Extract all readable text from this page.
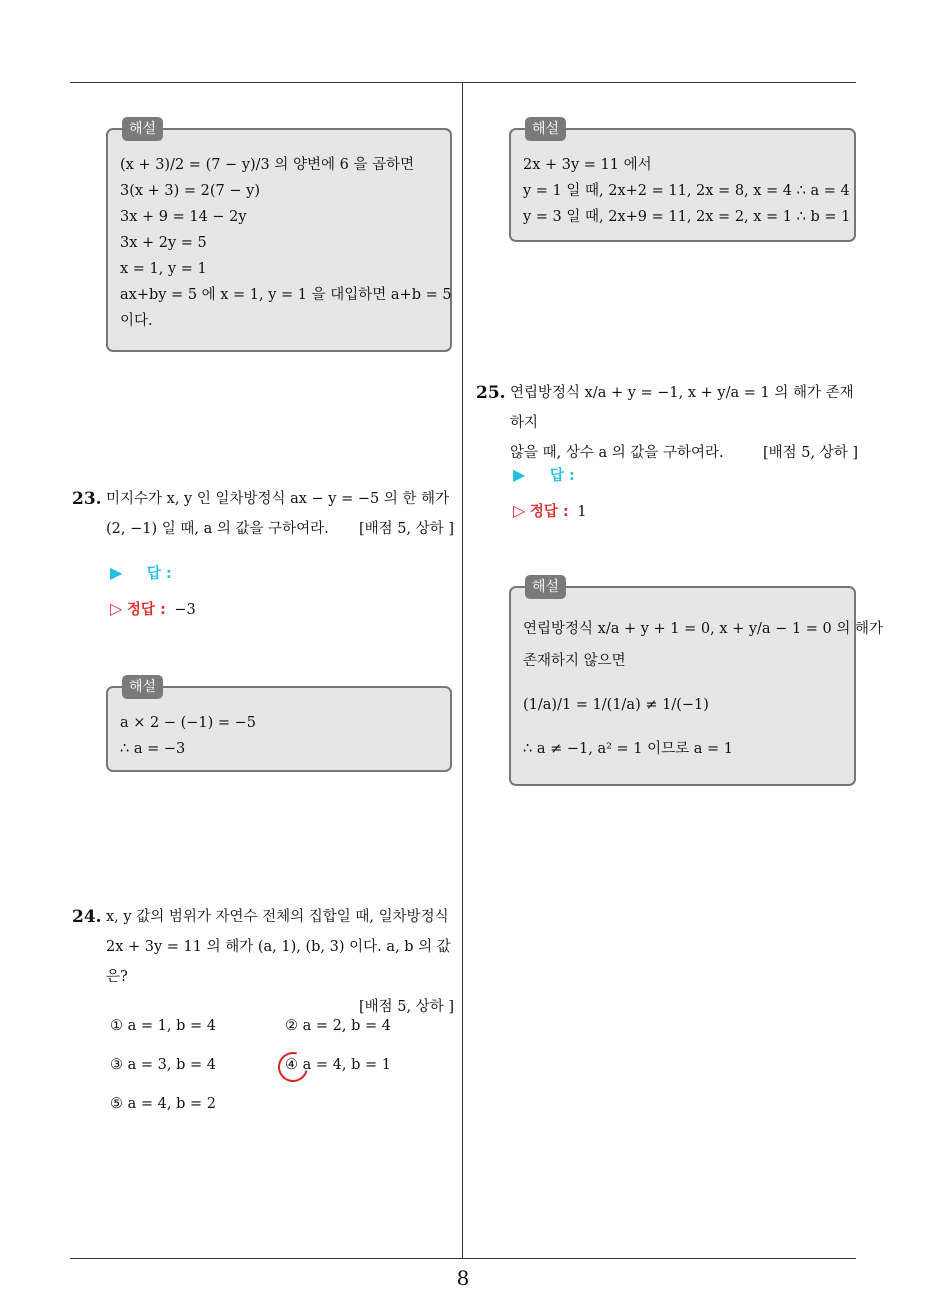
해설
(x + 3)/2 = (7 − y)/3 의 양변에 6 을 곱하면
3(x + 3) = 2(7 − y)
3x + 9 = 14 − 2y
3x + 2y = 5
x = 1, y = 1
ax+by = 5 에 x = 1, y = 1 을 대입하면 a+b = 5
이다.
23. 미지수가 x, y 인 일차방정식 ax − y = −5 의 한 해가
(2, −1) 일 때, a 의 값을 구하여라. [배점 5, 상하 ]
▶ 답 :
▷ 정답 : −3
해설
a × 2 − (−1) = −5
∴ a = −3
24. x, y 값의 범위가 자연수 전체의 집합일 때, 일차방정식
2x + 3y = 11 의 해가 (a, 1), (b, 3) 이다. a, b 의 값은?
[배점 5, 상하 ]
① a = 1, b = 4	② a = 2, b = 4
③ a = 3, b = 4	④ a = 4, b = 1
⑤ a = 4, b = 2
해설
2x + 3y = 11 에서
y = 1 일 때, 2x+2 = 11, 2x = 8, x = 4 ∴ a = 4
y = 3 일 때, 2x+9 = 11, 2x = 2, x = 1 ∴ b = 1
25. 연립방정식 x/a + y = −1, x + y/a = 1 의 해가 존재하지
않을 때, 상수 a 의 값을 구하여라.	[배점 5, 상하 ]
▶ 답 :
▷ 정답 : 1
해설
연립방정식 x/a + y + 1 = 0, x + y/a − 1 = 0 의 해가
존재하지 않으면
(1/a)/1 = 1/(1/a) ≠ 1/(−1)
∴ a ≠ −1, a² = 1 이므로 a = 1
8
